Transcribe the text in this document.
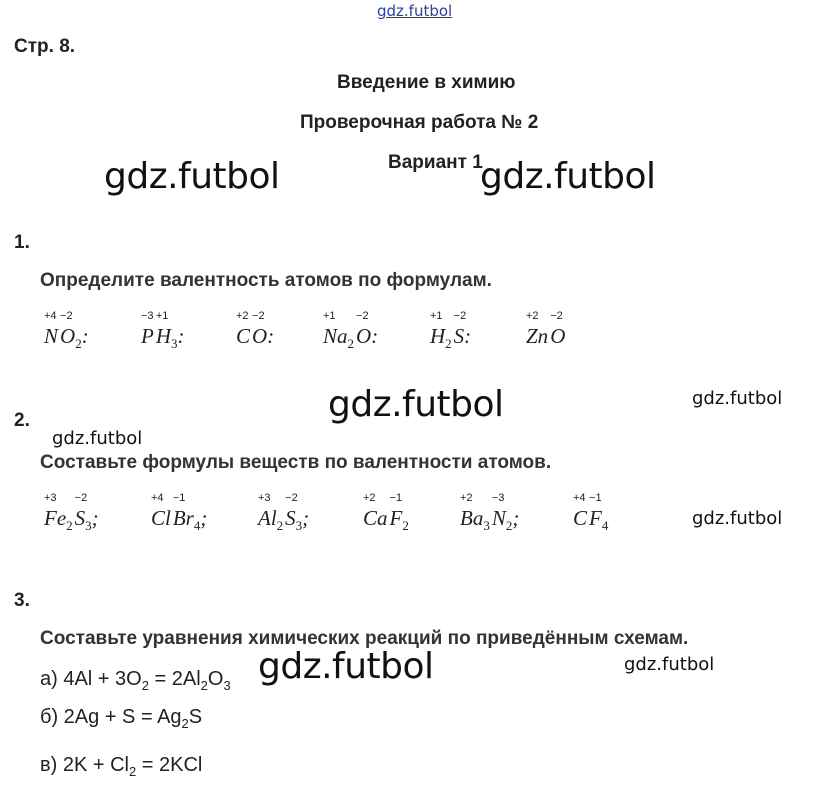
gdz.futbol
Стр. 8.
Введение в химию
Проверочная работа № 2
Вариант 1
gdz.futbol	gdz.futbol
1.
Определите валентность атомов по формулам.
+4
N
−2
$O_2$:
−3
P
+1
$H_3$:
+2
C
−2
O:
+1
$Na_2$
−2
O:
+1
$H_2$
−2
S:
+2
Zn
−2
O
gdz.futbol	gdz.futbol
2.
gdz.futbol
Составьте формулы веществ по валентности атомов.
+3
$Fe_2$
−2
$S_3$;
+4
Cl
−1
$Br_4$;
+3
$Al_2$
−2
$S_3$;
+2
Ca
−1
$F_2$
+2
$Ba_3$
−3
$N_2$;
+4
C
−1
$F_4$	gdz.futbol
3.
Составьте уравнения химических реакций по приведённым схемам.
а) $4Al + 3O_2 = 2Al_2O_3$
б) $2Ag + S = Ag_2S$
в) $2K + Cl_2 = 2KCl$
gdz.futbol	gdz.futbol
